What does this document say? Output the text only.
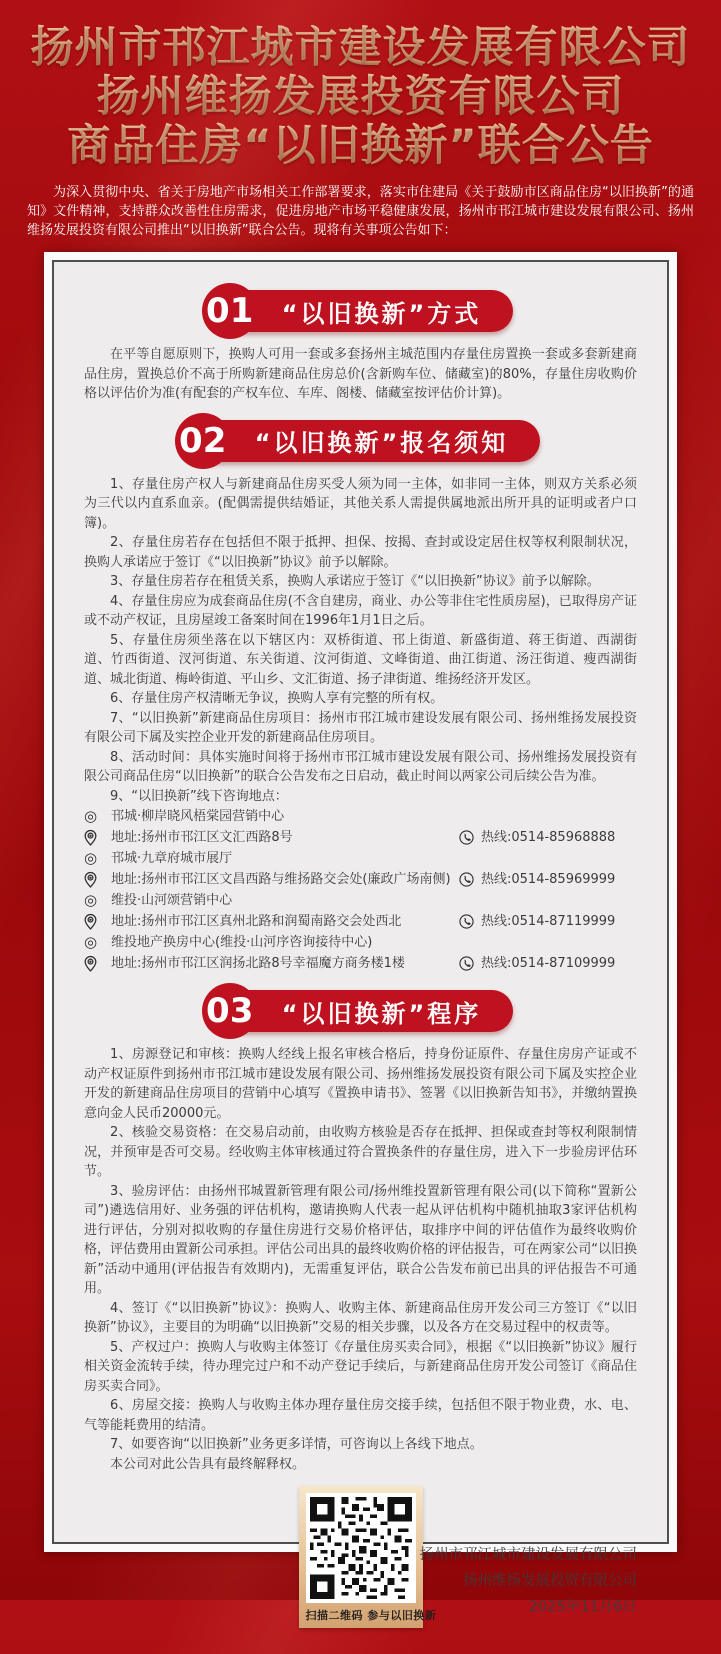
扬州市邗江城市建设发展有限公司
扬州维扬发展投资有限公司
商品住房“以旧换新”联合公告

为深入贯彻中央、省关于房地产市场相关工作部署要求，落实市住建局《关于鼓励市区商品住房“以旧换新”的通知》文件精神，支持群众改善性住房需求，促进房地产市场平稳健康发展，扬州市邗江城市建设发展有限公司、扬州维扬发展投资有限公司推出“以旧换新”联合公告。现将有关事项公告如下：

01 “以旧换新”方式

在平等自愿原则下，换购人可用一套或多套扬州主城范围内存量住房置换一套或多套新建商品住房，置换总价不高于所购新建商品住房总价(含新购车位、储藏室)的80%，存量住房收购价格以评估价为准(有配套的产权车位、车库、阁楼、储藏室按评估价计算)。

02 “以旧换新”报名须知

1、存量住房产权人与新建商品住房买受人须为同一主体，如非同一主体，则双方关系必须为三代以内直系血亲。(配偶需提供结婚证，其他关系人需提供属地派出所开具的证明或者户口簿)。

2、存量住房若存在包括但不限于抵押、担保、按揭、查封或设定居住权等权利限制状况，换购人承诺应于签订《“以旧换新”协议》前予以解除。

3、存量住房若存在租赁关系，换购人承诺应于签订《“以旧换新”协议》前予以解除。

4、存量住房应为成套商品住房(不含自建房，商业、办公等非住宅性质房屋)，已取得房产证或不动产权证，且房屋竣工备案时间在1996年1月1日之后。

5、存量住房须坐落在以下辖区内：双桥街道、邗上街道、新盛街道、蒋王街道、西湖街道、竹西街道、汊河街道、东关街道、汶河街道、文峰街道、曲江街道、汤汪街道、瘦西湖街道、城北街道、梅岭街道、平山乡、文汇街道、扬子津街道、维扬经济开发区。

6、存量住房产权清晰无争议，换购人享有完整的所有权。

7、“以旧换新”新建商品住房项目：扬州市邗江城市建设发展有限公司、扬州维扬发展投资有限公司下属及实控企业开发的新建商品住房项目。

8、活动时间：具体实施时间将于扬州市邗江城市建设发展有限公司、扬州维扬发展投资有限公司商品住房“以旧换新”的联合公告发布之日启动，截止时间以两家公司后续公告为准。

9、“以旧换新”线下咨询地点：

◎	邗城·柳岸晓风梧棠园营销中心
地址:扬州市邗江区文汇西路8号	热线:0514-85968888
◎	邗城·九章府城市展厅
地址:扬州市邗江区文昌西路与维扬路交会处(廉政广场南侧) 热线:0514-85969999
◎	维投·山河颂营销中心
地址:扬州市邗江区真州北路和润蜀南路交会处西北	热线:0514-87119999
◎	维投地产换房中心(维投·山河序咨询接待中心)
地址:扬州市邗江区润扬北路8号幸福魔方商务楼1楼	热线:0514-87109999
03 “以旧换新”程序

1、房源登记和审核：换购人经线上报名审核合格后，持身份证原件、存量住房房产证或不动产权证原件到扬州市邗江城市建设发展有限公司、扬州维扬发展投资有限公司下属及实控企业开发的新建商品住房项目的营销中心填写《置换申请书》、签署《以旧换新告知书》，并缴纳置换意向金人民币20000元。

2、核验交易资格：在交易启动前，由收购方核验是否存在抵押、担保或查封等权利限制情况，并预审是否可交易。经收购主体审核通过符合置换条件的存量住房，进入下一步验房评估环节。

3、验房评估：由扬州邗城置新管理有限公司/扬州维投置新管理有限公司(以下简称“置新公司”)遴选信用好、业务强的评估机构，邀请换购人代表一起从评估机构中随机抽取3家评估机构进行评估，分别对拟收购的存量住房进行交易价格评估，取排序中间的评估值作为最终收购价格，评估费用由置新公司承担。评估公司出具的最终收购价格的评估报告，可在两家公司“以旧换新”活动中通用(评估报告有效期内)，无需重复评估，联合公告发布前已出具的评估报告不可通用。

4、签订《“以旧换新”协议》：换购人、收购主体、新建商品住房开发公司三方签订《“以旧换新”协议》，主要目的为明确“以旧换新”交易的相关步骤，以及各方在交易过程中的权责等。

5、产权过户：换购人与收购主体签订《存量住房买卖合同》，根据《“以旧换新”协议》履行相关资金流转手续，待办理完过户和不动产登记手续后，与新建商品住房开发公司签订《商品住房买卖合同》。

6、房屋交接：换购人与收购主体办理存量住房交接手续，包括但不限于物业费，水、电、气等能耗费用的结清。

7、如要咨询“以旧换新”业务更多详情，可咨询以上各线下地点。

本公司对此公告具有最终解释权。

扫描二维码 参与以旧换新
扬州市邗江城市建设发展有限公司
扬州维扬发展投资有限公司
2025年11月6日
